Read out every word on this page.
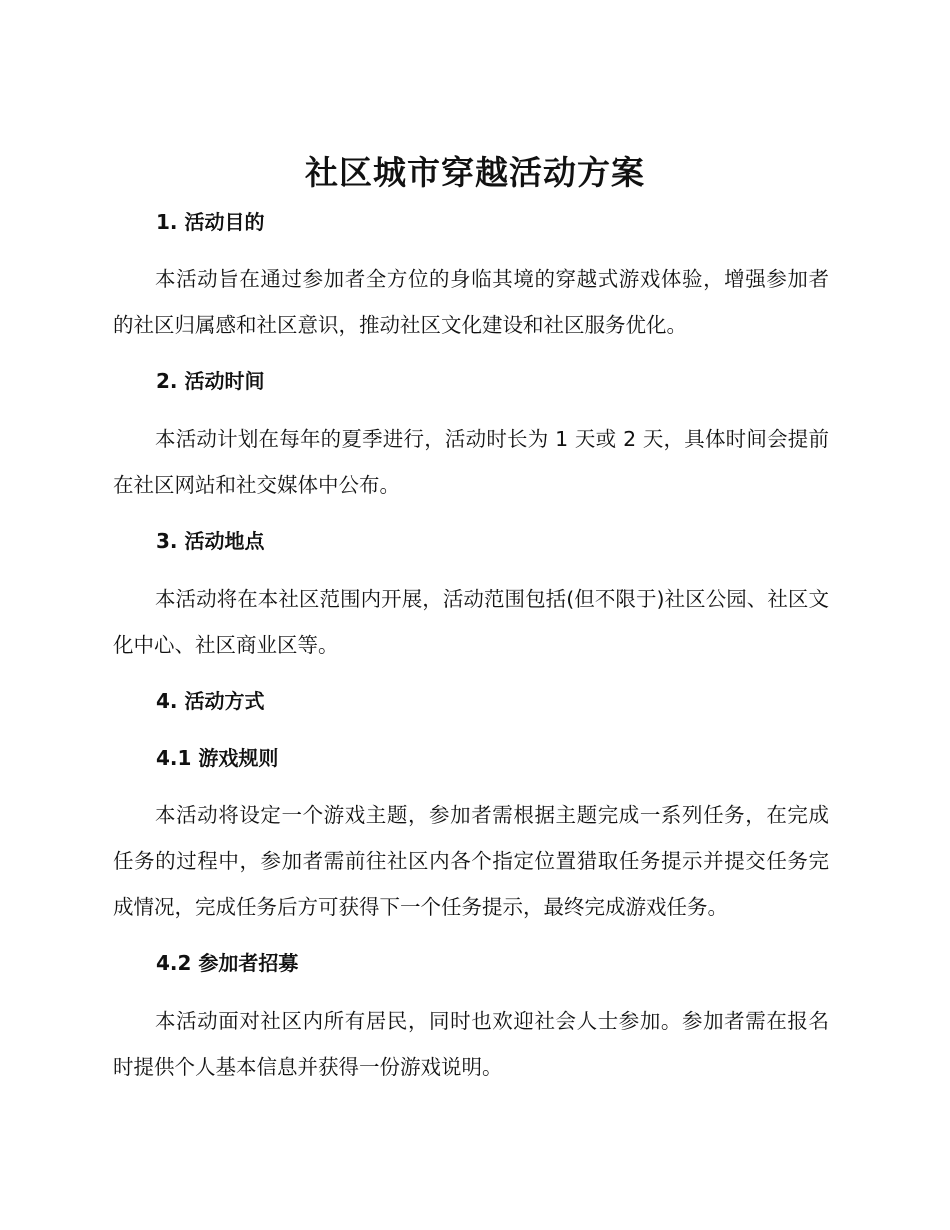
社区城市穿越活动方案
1. 活动目的

本活动旨在通过参加者全方位的身临其境的穿越式游戏体验，增强参加者的社区归属感和社区意识，推动社区文化建设和社区服务优化。

2. 活动时间

本活动计划在每年的夏季进行，活动时长为 1 天或 2 天，具体时间会提前在社区网站和社交媒体中公布。

3. 活动地点

本活动将在本社区范围内开展，活动范围包括(但不限于)社区公园、社区文化中心、社区商业区等。

4. 活动方式
4.1 游戏规则

本活动将设定一个游戏主题，参加者需根据主题完成一系列任务，在完成任务的过程中，参加者需前往社区内各个指定位置猎取任务提示并提交任务完成情况，完成任务后方可获得下一个任务提示，最终完成游戏任务。

4.2 参加者招募

本活动面对社区内所有居民，同时也欢迎社会人士参加。参加者需在报名时提供个人基本信息并获得一份游戏说明。
